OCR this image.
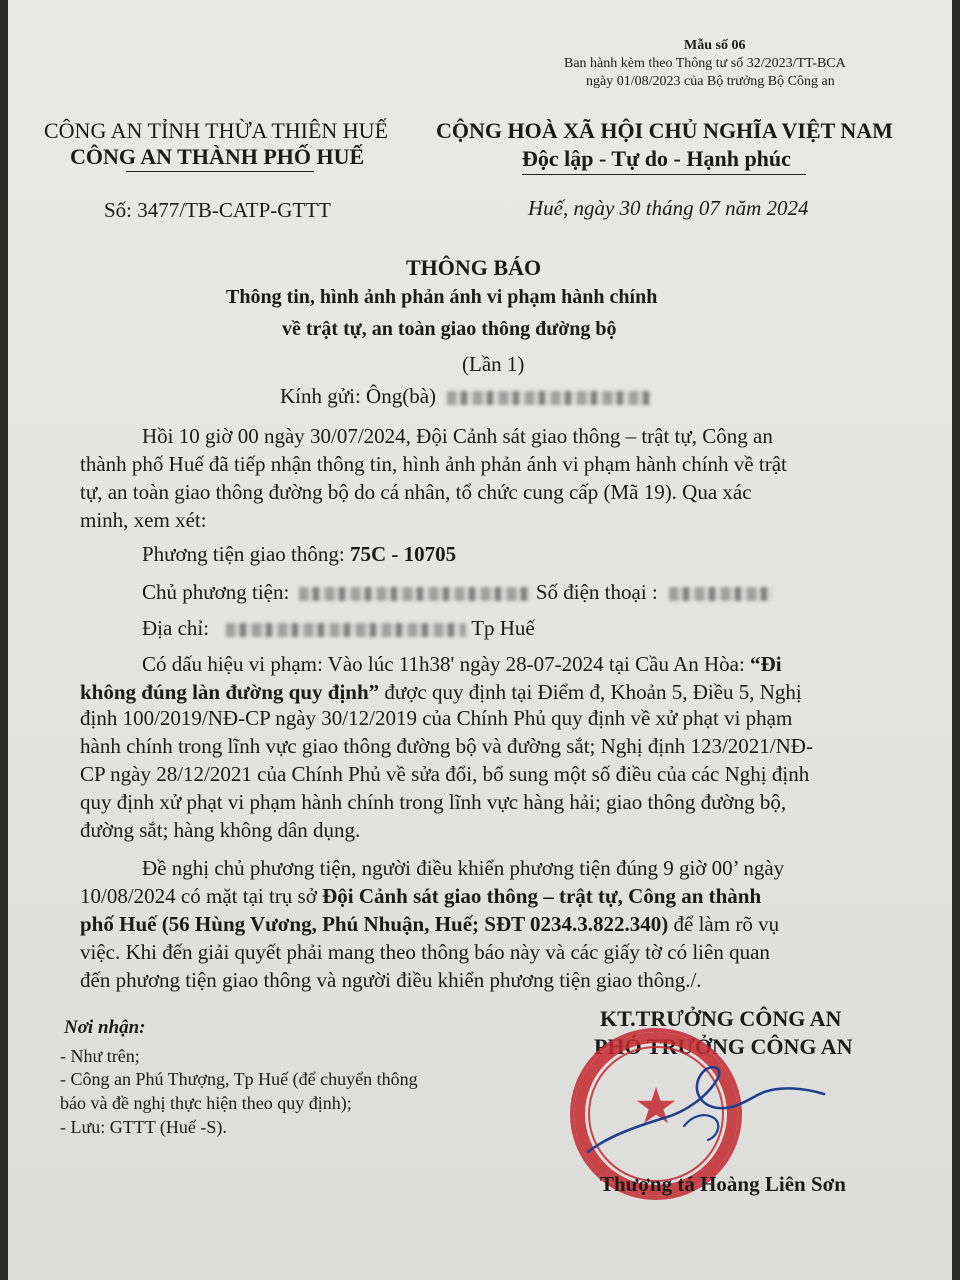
Mẫu số 06
Ban hành kèm theo Thông tư số 32/2023/TT-BCA
ngày 01/08/2023 của Bộ trưởng Bộ Công an
CÔNG AN TỈNH THỪA THIÊN HUẾ
CÔNG AN THÀNH PHỐ HUẾ
Số: 3477/TB-CATP-GTTT
CỘNG HOÀ XÃ HỘI CHỦ NGHĨA VIỆT NAM
Độc lập - Tự do - Hạnh phúc
Huế, ngày 30 tháng 07 năm 2024
THÔNG BÁO
Thông tin, hình ảnh phản ánh vi phạm hành chính
về trật tự, an toàn giao thông đường bộ
(Lần 1)
Kính gửi: Ông(bà)
Hồi 10 giờ 00 ngày 30/07/2024, Đội Cảnh sát giao thông – trật tự, Công an
thành phố Huế đã tiếp nhận thông tin, hình ảnh phản ánh vi phạm hành chính về trật
tự, an toàn giao thông đường bộ do cá nhân, tổ chức cung cấp (Mã 19). Qua xác
minh, xem xét:
Phương tiện giao thông: 75C - 10705
Chủ phương tiện:	Số điện thoại :
Địa chỉ:	Tp Huế
Có dấu hiệu vi phạm: Vào lúc 11h38' ngày 28-07-2024 tại Cầu An Hòa: “Đi
không đúng làn đường quy định” được quy định tại Điểm đ, Khoản 5, Điều 5, Nghị
định 100/2019/NĐ-CP ngày 30/12/2019 của Chính Phủ quy định về xử phạt vi phạm
hành chính trong lĩnh vực giao thông đường bộ và đường sắt; Nghị định 123/2021/NĐ-
CP ngày 28/12/2021 của Chính Phủ về sửa đổi, bổ sung một số điều của các Nghị định
quy định xử phạt vi phạm hành chính trong lĩnh vực hàng hải; giao thông đường bộ,
đường sắt; hàng không dân dụng.
Đề nghị chủ phương tiện, người điều khiển phương tiện đúng 9 giờ 00’ ngày
10/08/2024 có mặt tại trụ sở Đội Cảnh sát giao thông – trật tự, Công an thành
phố Huế (56 Hùng Vương, Phú Nhuận, Huế; SĐT 0234.3.822.340) để làm rõ vụ
việc. Khi đến giải quyết phải mang theo thông báo này và các giấy tờ có liên quan
đến phương tiện giao thông và người điều khiển phương tiện giao thông./.
Nơi nhận:
- Như trên;
- Công an Phú Thượng, Tp Huế (để chuyển thông
báo và đề nghị thực hiện theo quy định);
- Lưu: GTTT (Huế -S).
KT.TRƯỞNG CÔNG AN
PHÓ TRƯỞNG CÔNG AN
★
Thượng tá Hoàng Liên Sơn
